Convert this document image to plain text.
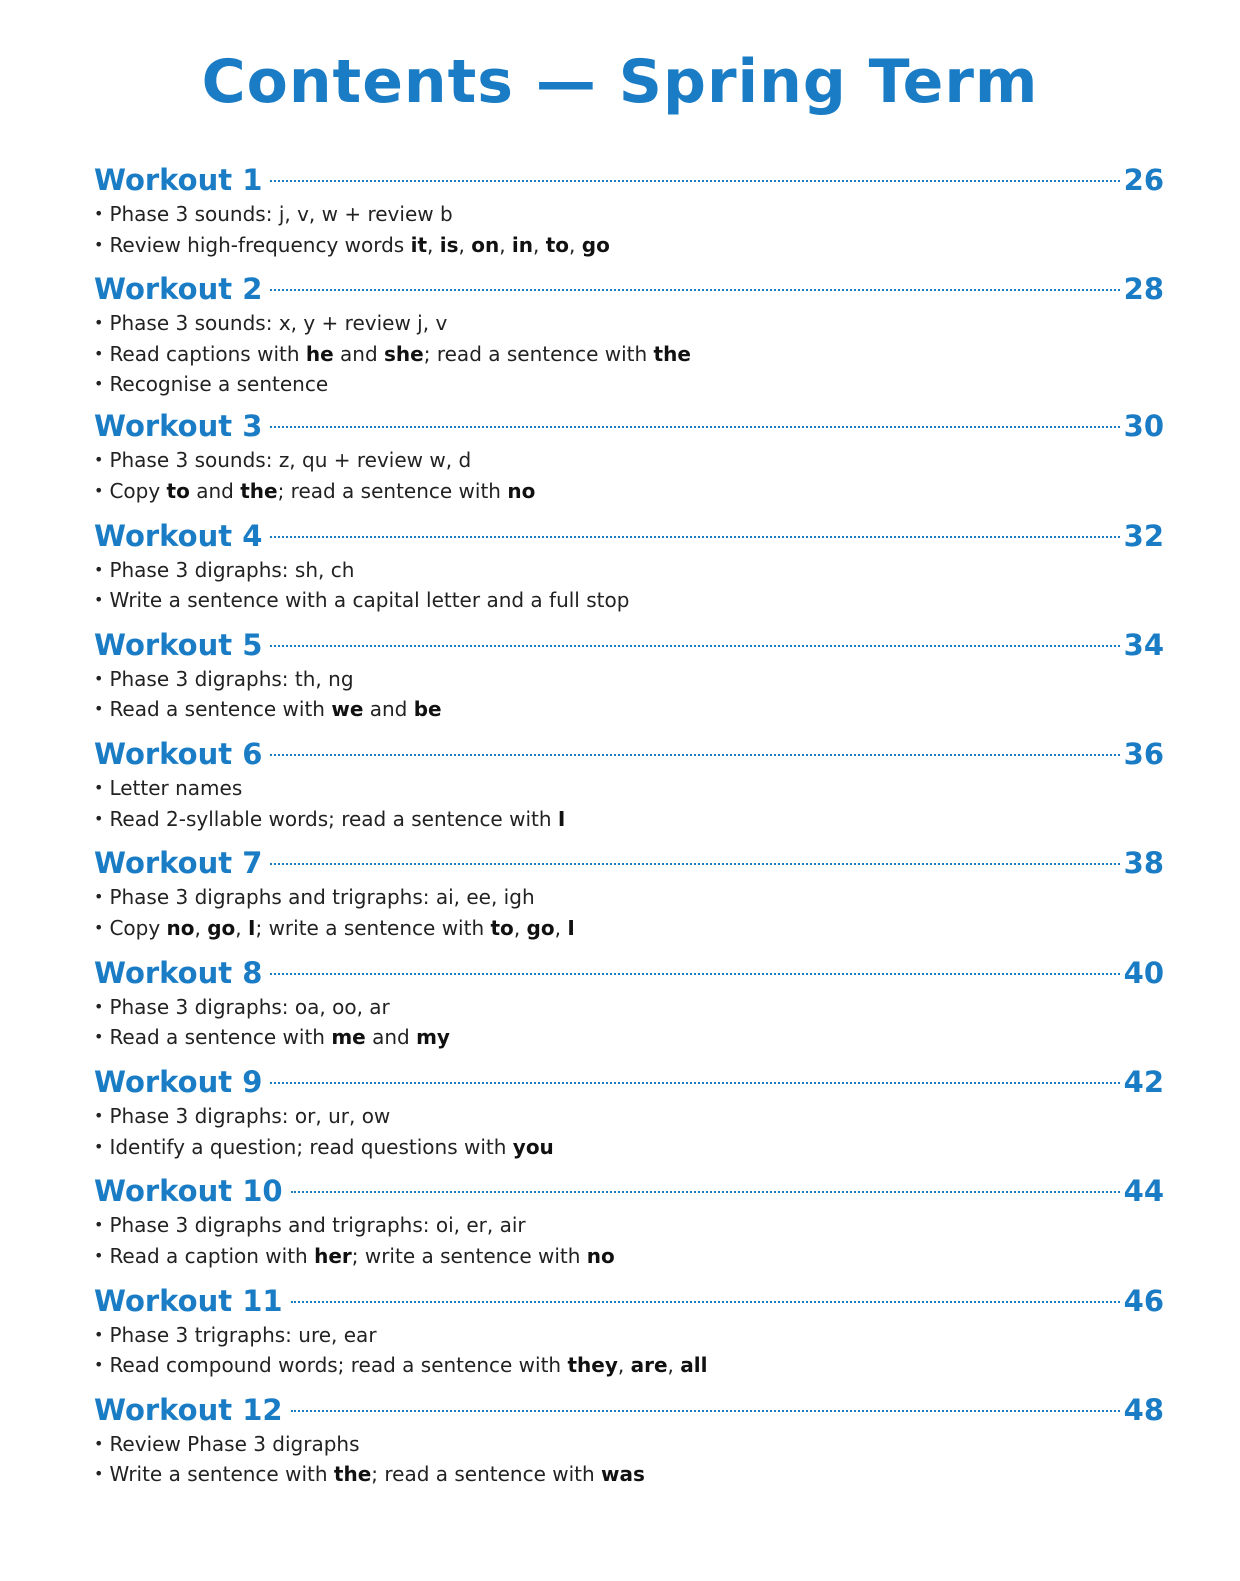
Contents — Spring Term
Workout 1	26
• Phase 3 sounds: j, v, w + review b
• Review high-frequency words it, is, on, in, to, go
Workout 2	28
• Phase 3 sounds: x, y + review j, v
• Read captions with he and she; read a sentence with the
• Recognise a sentence
Workout 3	30
• Phase 3 sounds: z, qu + review w, d
• Copy to and the; read a sentence with no
Workout 4	32
• Phase 3 digraphs: sh, ch
• Write a sentence with a capital letter and a full stop
Workout 5	34
• Phase 3 digraphs: th, ng
• Read a sentence with we and be
Workout 6	36
• Letter names
• Read 2-syllable words; read a sentence with I
Workout 7	38
• Phase 3 digraphs and trigraphs: ai, ee, igh
• Copy no, go, I; write a sentence with to, go, I
Workout 8	40
• Phase 3 digraphs: oa, oo, ar
• Read a sentence with me and my
Workout 9	42
• Phase 3 digraphs: or, ur, ow
• Identify a question; read questions with you
Workout 10	44
• Phase 3 digraphs and trigraphs: oi, er, air
• Read a caption with her; write a sentence with no
Workout 11	46
• Phase 3 trigraphs: ure, ear
• Read compound words; read a sentence with they, are, all
Workout 12	48
• Review Phase 3 digraphs
• Write a sentence with the; read a sentence with was
